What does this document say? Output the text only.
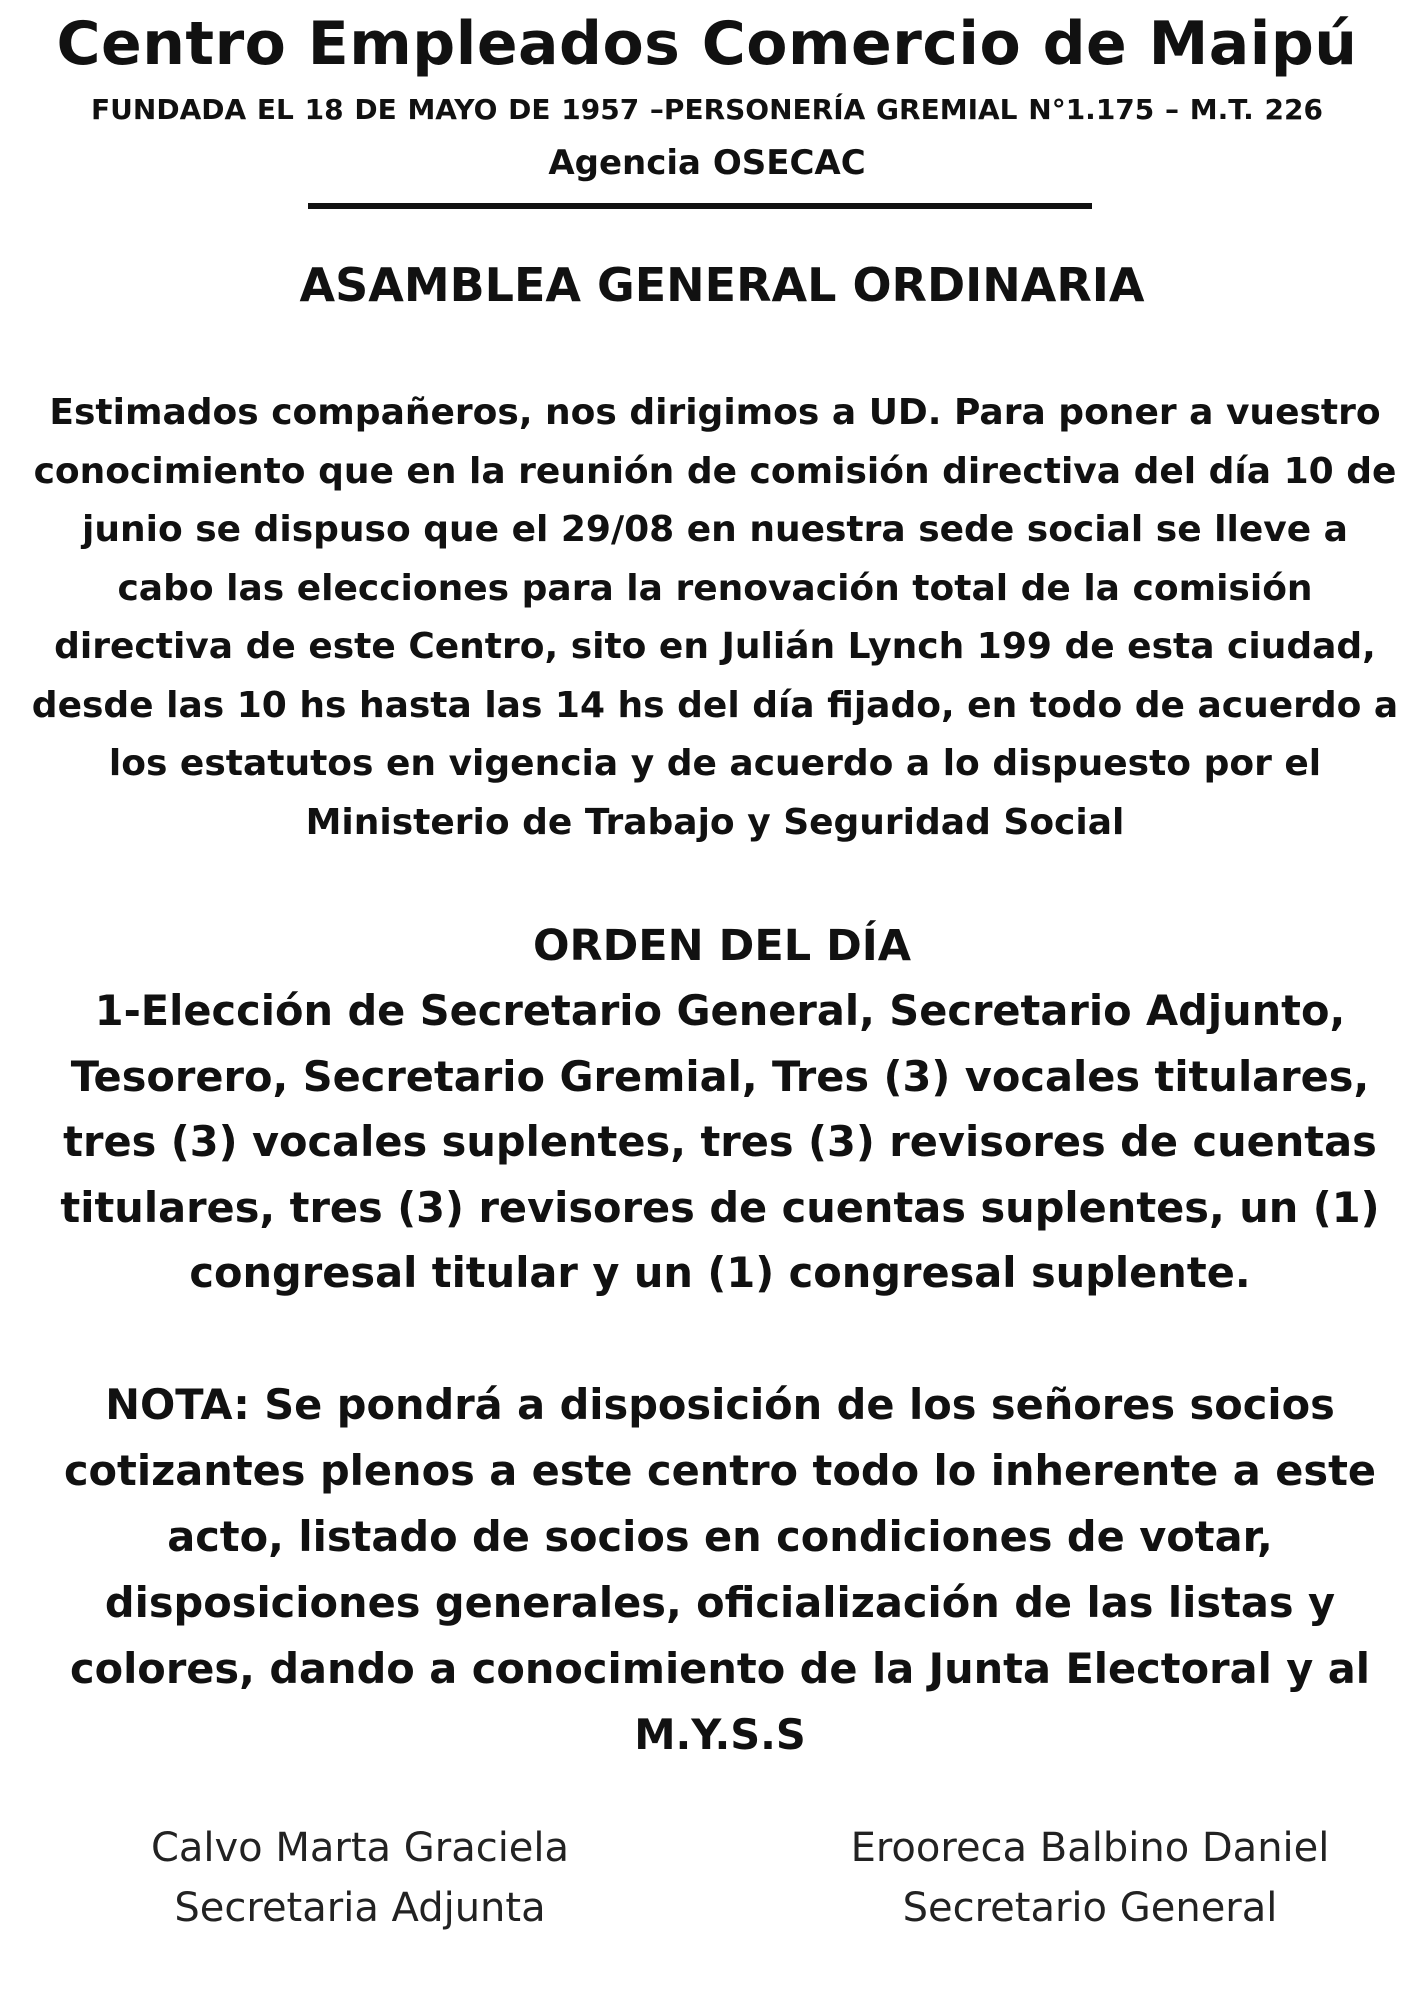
Centro Empleados Comercio de Maipú
FUNDADA EL 18 DE MAYO DE 1957 –PERSONERÍA GREMIAL N°1.175 – M.T. 226
Agencia OSECAC
ASAMBLEA GENERAL ORDINARIA
Estimados compañeros, nos dirigimos a UD. Para poner a vuestro conocimiento que en la reunión de comisión directiva del día 10 de junio se dispuso que el 29/08 en nuestra sede social se lleve a cabo las elecciones para la renovación total de la comisión directiva de este Centro, sito en Julián Lynch 199 de esta ciudad, desde las 10 hs hasta las 14 hs del día fijado, en todo de acuerdo a los estatutos en vigencia y de acuerdo a lo dispuesto por el Ministerio de Trabajo y Seguridad Social
ORDEN DEL DÍA
1-Elección de Secretario General, Secretario Adjunto, Tesorero, Secretario Gremial, Tres (3) vocales titulares, tres (3) vocales suplentes, tres (3) revisores de cuentas titulares, tres (3) revisores de cuentas suplentes, un (1) congresal titular y un (1) congresal suplente.
NOTA: Se pondrá a disposición de los señores socios cotizantes plenos a este centro todo lo inherente a este acto, listado de socios en condiciones de votar, disposiciones generales, oficialización de las listas y colores, dando a conocimiento de la Junta Electoral y al M.Y.S.S
Calvo Marta Graciela
Secretaria Adjunta
Erooreca Balbino Daniel
Secretario General
